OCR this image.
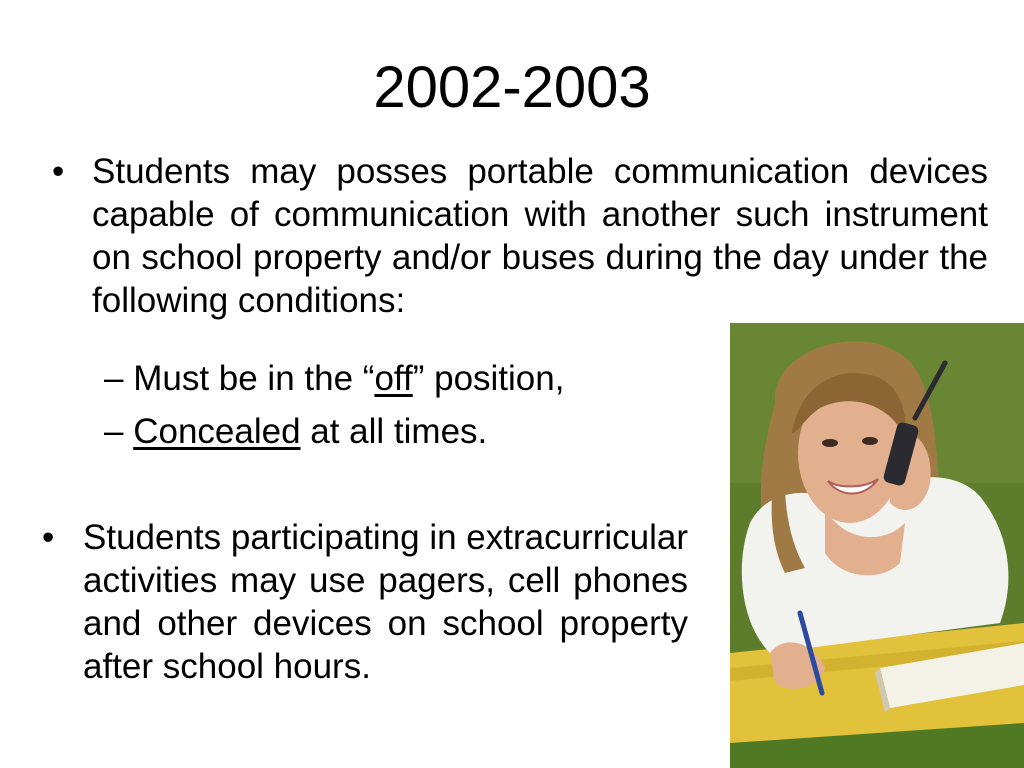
2002-2003
• Students may posses portable communication devices capable of communication with another such instrument on school property and/or buses during the day under the following conditions:
– Must be in the “off” position,
– Concealed at all times.
• Students participating in extracurricular activities may use pagers, cell phones and other devices on school property after school hours.
